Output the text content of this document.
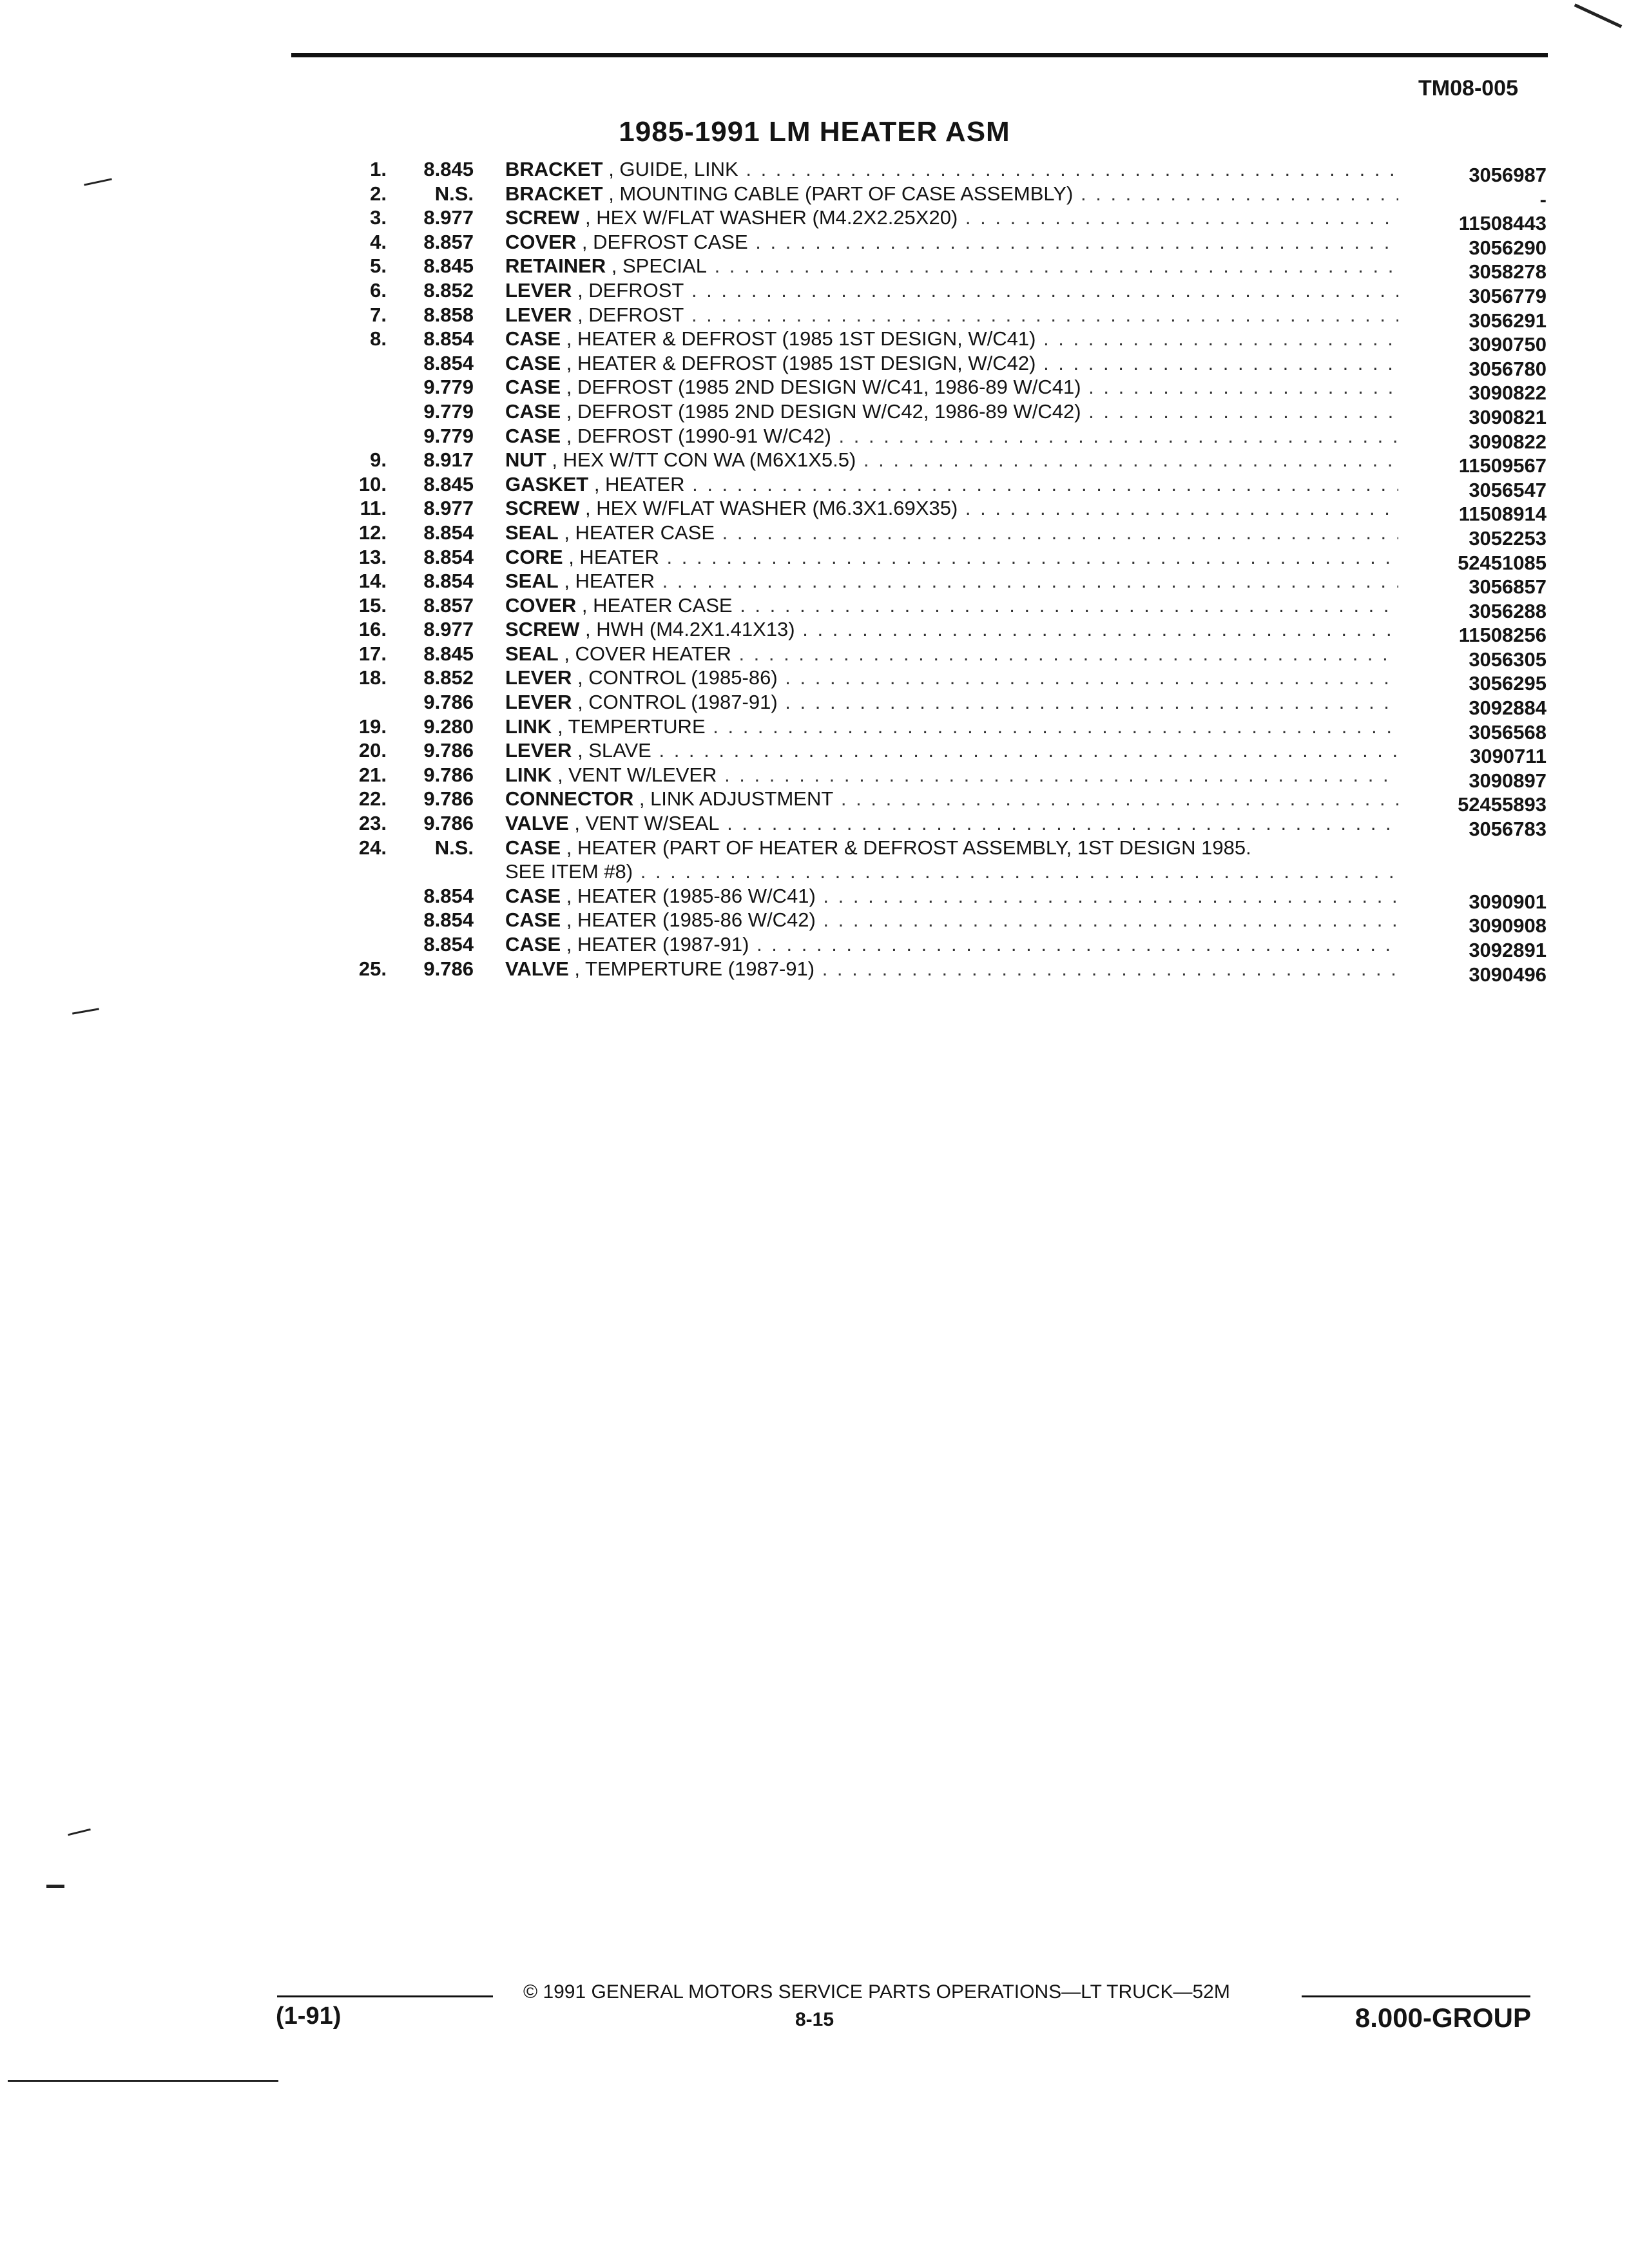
TM08-005
1985-1991 LM HEATER ASM
1. 8.845 BRACKET , GUIDE, LINK . . .	3056987
2. N.S. BRACKET , MOUNTING CABLE (PART OF CASE ASSEMBLY) . . .	-
3. 8.977 SCREW , HEX W/FLAT WASHER (M4.2X2.25X20) . . .	11508443
4. 8.857 COVER , DEFROST CASE . . .	3056290
5. 8.845 RETAINER , SPECIAL . . .	3058278
6. 8.852 LEVER , DEFROST . . .	3056779
7. 8.858 LEVER , DEFROST . . .	3056291
8. 8.854 CASE , HEATER & DEFROST (1985 1ST DESIGN, W/C41) . . .	3090750
8.854 CASE , HEATER & DEFROST (1985 1ST DESIGN, W/C42) . . .	3056780
9.779 CASE , DEFROST (1985 2ND DESIGN W/C41, 1986-89 W/C41) . . .	3090822
9.779 CASE , DEFROST (1985 2ND DESIGN W/C42, 1986-89 W/C42) . . .	3090821
9.779 CASE , DEFROST (1990-91 W/C42) . . .	3090822
9. 8.917 NUT , HEX W/TT CON WA (M6X1X5.5) . . .	11509567
10. 8.845 GASKET , HEATER . . .	3056547
11. 8.977 SCREW , HEX W/FLAT WASHER (M6.3X1.69X35) . . .	11508914
12. 8.854 SEAL , HEATER CASE . . .	3052253
13. 8.854 CORE , HEATER . . .	52451085
14. 8.854 SEAL , HEATER . . .	3056857
15. 8.857 COVER , HEATER CASE . . .	3056288
16. 8.977 SCREW , HWH (M4.2X1.41X13) . . .	11508256
17. 8.845 SEAL , COVER HEATER . . .	3056305
18. 8.852 LEVER , CONTROL (1985-86) . . .	3056295
9.786 LEVER , CONTROL (1987-91) . . .	3092884
19. 9.280 LINK , TEMPERTURE . . .	3056568
20. 9.786 LEVER , SLAVE . . .	3090711
21. 9.786 LINK , VENT W/LEVER . . .	3090897
22. 9.786 CONNECTOR , LINK ADJUSTMENT . . .	52455893
23. 9.786 VALVE , VENT W/SEAL . . .	3056783
24. N.S. CASE , HEATER (PART OF HEATER & DEFROST ASSEMBLY, 1ST DESIGN 1985.
SEE ITEM #8) . . .
8.854 CASE , HEATER (1985-86 W/C41) . . .	3090901
8.854 CASE , HEATER (1985-86 W/C42) . . .	3090908
8.854 CASE , HEATER (1987-91) . . .	3092891
25. 9.786 VALVE , TEMPERTURE (1987-91) . . .	3090496
© 1991 GENERAL MOTORS SERVICE PARTS OPERATIONS—LT TRUCK—52M
(1-91)	8-15	8.000-GROUP
